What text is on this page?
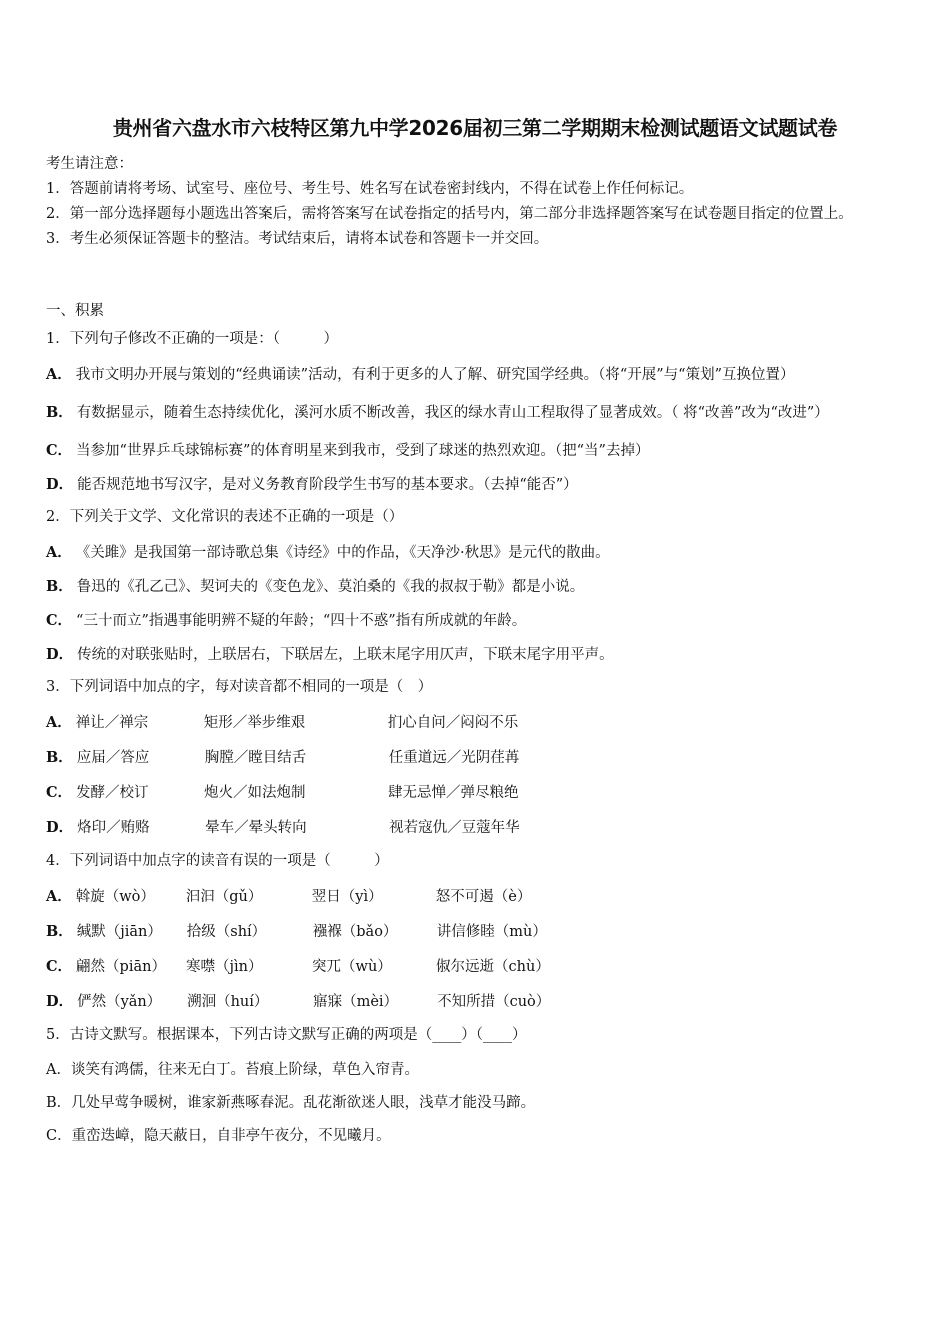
贵州省六盘水市六枝特区第九中学2026届初三第二学期期末检测试题语文试题试卷

考生请注意：

1．答题前请将考场、试室号、座位号、考生号、姓名写在试卷密封线内，不得在试卷上作任何标记。

2．第一部分选择题每小题选出答案后，需将答案写在试卷指定的括号内，第二部分非选择题答案写在试卷题目指定的位置上。

3．考生必须保证答题卡的整洁。考试结束后，请将本试卷和答题卡一并交回。

一、积累
1．下列句子修改不正确的一项是：（　　　）
A． 我市文明办开展与策划的“经典诵读”活动，有利于更多的人了解、研究国学经典。（将“开展”与“策划”互换位置）
B． 有数据显示，随着生态持续优化，溪河水质不断改善，我区的绿水青山工程取得了显著成效。（ 将“改善”改为“改进”）
C． 当参加“世界乒乓球锦标赛”的体育明星来到我市，受到了球迷的热烈欢迎。（把“当”去掉）
D． 能否规范地书写汉字，是对义务教育阶段学生书写的基本要求。（去掉“能否”）
2．下列关于文学、文化常识的表述不正确的一项是（）
A． 《关雎》是我国第一部诗歌总集《诗经》中的作品，《天净沙·秋思》是元代的散曲。
B． 鲁迅的《孔乙己》、契诃夫的《变色龙》、莫泊桑的《我的叔叔于勒》都是小说。
C． “三十而立”指遇事能明辨不疑的年龄；“四十不惑”指有所成就的年龄。
D． 传统的对联张贴时，上联居右，下联居左，上联末尾字用仄声，下联末尾字用平声。
3．下列词语中加点的字，每对读音都不相同的一项是（　）
A． 禅让／禅宗	矩形／举步维艰	扪心自问／闷闷不乐
B． 应届／答应	胸膛／瞠目结舌	任重道远／光阴荏苒
C． 发酵／校订	炮火／如法炮制	肆无忌惮／弹尽粮绝
D． 烙印／贿赂	晕车／晕头转向	视若寇仇／豆蔻年华
4．下列词语中加点字的读音有误的一项是（　　　）
A． 斡旋（wò）	汩汩（gǔ）	翌日（yì）	怒不可遏（è）
B． 缄默（jiān）	拾级（shí）	襁褓（bǎo）	讲信修睦（mù）
C． 翩然（piān）	寒噤（jìn）	突兀（wù）	俶尔远逝（chù）
D． 俨然（yǎn）	溯洄（huí）	寤寐（mèi）	不知所措（cuò）
5．古诗文默写。根据课本，下列古诗文默写正确的两项是（____）（____）
A． 谈笑有鸿儒，往来无白丁。苔痕上阶绿，草色入帘青。
B． 几处早莺争暖树，谁家新燕啄春泥。乱花渐欲迷人眼，浅草才能没马蹄。
C． 重峦迭嶂，隐天蔽日，自非亭午夜分，不见曦月。
